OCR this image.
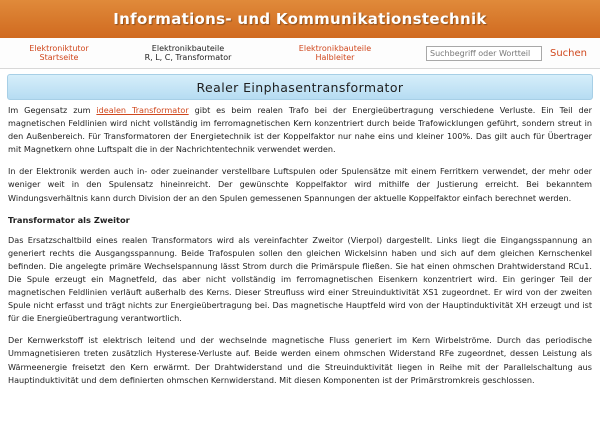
Informations- und Kommunikationstechnik
Elektroniktutor
Startseite
Elektronikbauteile
R, L, C, Transformator
Elektronikbauteile
Halbleiter
Suchbegriff oder Wortteil	Suchen
Realer Einphasentransformator

Im Gegensatz zum idealen Transformator gibt es beim realen Trafo bei der Energieübertragung verschiedene Verluste. Ein Teil der magnetischen Feldlinien wird nicht vollständig im ferromagnetischen Kern konzentriert durch beide Trafowicklungen geführt, sondern streut in den Außenbereich. Für Transformatoren der Energietechnik ist der Koppelfaktor nur nahe eins und kleiner 100%. Das gilt auch für Übertrager mit Magnetkern ohne Luftspalt die in der Nachrichtentechnik verwendet werden.

In der Elektronik werden auch in- oder zueinander verstellbare Luftspulen oder Spulensätze mit einem Ferritkern verwendet, der mehr oder weniger weit in den Spulensatz hineinreicht. Der gewünschte Koppelfaktor wird mithilfe der Justierung erreicht. Bei bekanntem Windungsverhältnis kann durch Division der an den Spulen gemessenen Spannungen der aktuelle Koppelfaktor einfach berechnet werden.

Transformator als Zweitor

Das Ersatzschaltbild eines realen Transformators wird als vereinfachter Zweitor (Vierpol) dargestellt. Links liegt die Eingangsspannung an generiert rechts die Ausgangsspannung. Beide Trafospulen sollen den gleichen Wickelsinn haben und sich auf dem gleichen Kernschenkel befinden. Die angelegte primäre Wechselspannung lässt Strom durch die Primärspule fließen. Sie hat einen ohmschen Drahtwiderstand RCu1. Die Spule erzeugt ein Magnetfeld, das aber nicht vollständig im ferromagnetischen Eisenkern konzentriert wird. Ein geringer Teil der magnetischen Feldlinien verläuft außerhalb des Kerns. Dieser Streufluss wird einer Streuinduktivität XS1 zugeordnet. Er wird von der zweiten Spule nicht erfasst und trägt nichts zur Energieübertragung bei. Das magnetische Hauptfeld wird von der Hauptinduktivität XH erzeugt und ist für die Energieübertragung verantwortlich.

Der Kernwerkstoff ist elektrisch leitend und der wechselnde magnetische Fluss generiert im Kern Wirbelströme. Durch das periodische Ummagnetisieren treten zusätzlich Hysterese-Verluste auf. Beide werden einem ohmschen Widerstand RFe zugeordnet, dessen Leistung als Wärmeenergie freisetzt den Kern erwärmt. Der Drahtwiderstand und die Streuinduktivität liegen in Reihe mit der Parallelschaltung aus Hauptinduktivität und dem definierten ohmschen Kernwiderstand. Mit diesen Komponenten ist der Primärstromkreis geschlossen.
